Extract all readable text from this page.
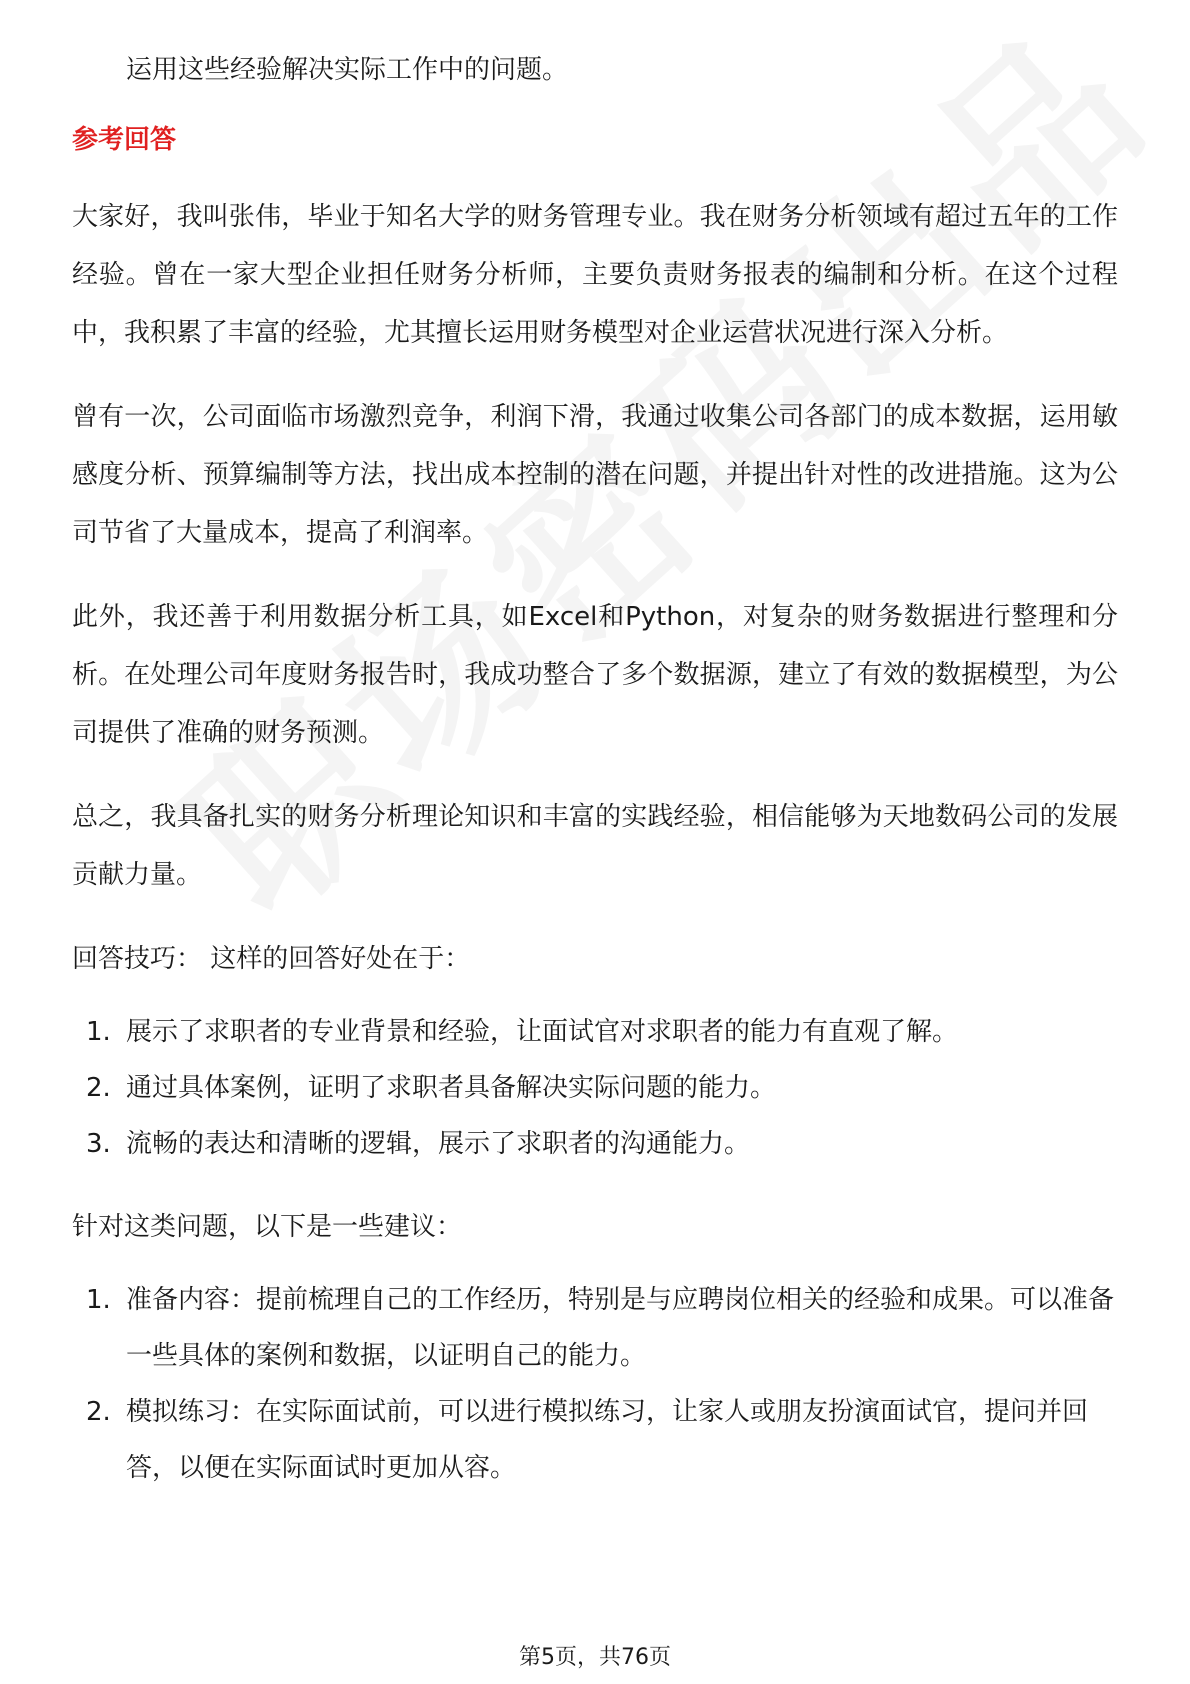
运用这些经验解决实际工作中的问题。

参考回答

大家好，我叫张伟，毕业于知名大学的财务管理专业。我在财务分析领域有超过五年的工作经验。曾在一家大型企业担任财务分析师，主要负责财务报表的编制和分析。在这个过程中，我积累了丰富的经验，尤其擅长运用财务模型对企业运营状况进行深入分析。

曾有一次，公司面临市场激烈竞争，利润下滑，我通过收集公司各部门的成本数据，运用敏感度分析、预算编制等方法，找出成本控制的潜在问题，并提出针对性的改进措施。这为公司节省了大量成本，提高了利润率。

此外，我还善于利用数据分析工具，如Excel和Python，对复杂的财务数据进行整理和分析。在处理公司年度财务报告时，我成功整合了多个数据源，建立了有效的数据模型，为公司提供了准确的财务预测。

总之，我具备扎实的财务分析理论知识和丰富的实践经验，相信能够为天地数码公司的发展贡献力量。

回答技巧： 这样的回答好处在于：

1. 展示了求职者的专业背景和经验，让面试官对求职者的能力有直观了解。
2. 通过具体案例，证明了求职者具备解决实际问题的能力。
3. 流畅的表达和清晰的逻辑，展示了求职者的沟通能力。

针对这类问题，以下是一些建议：

1. 准备内容：提前梳理自己的工作经历，特别是与应聘岗位相关的经验和成果。可以准备一些具体的案例和数据，以证明自己的能力。
2. 模拟练习：在实际面试前，可以进行模拟练习，让家人或朋友扮演面试官，提问并回答，以便在实际面试时更加从容。
第5页，共76页
